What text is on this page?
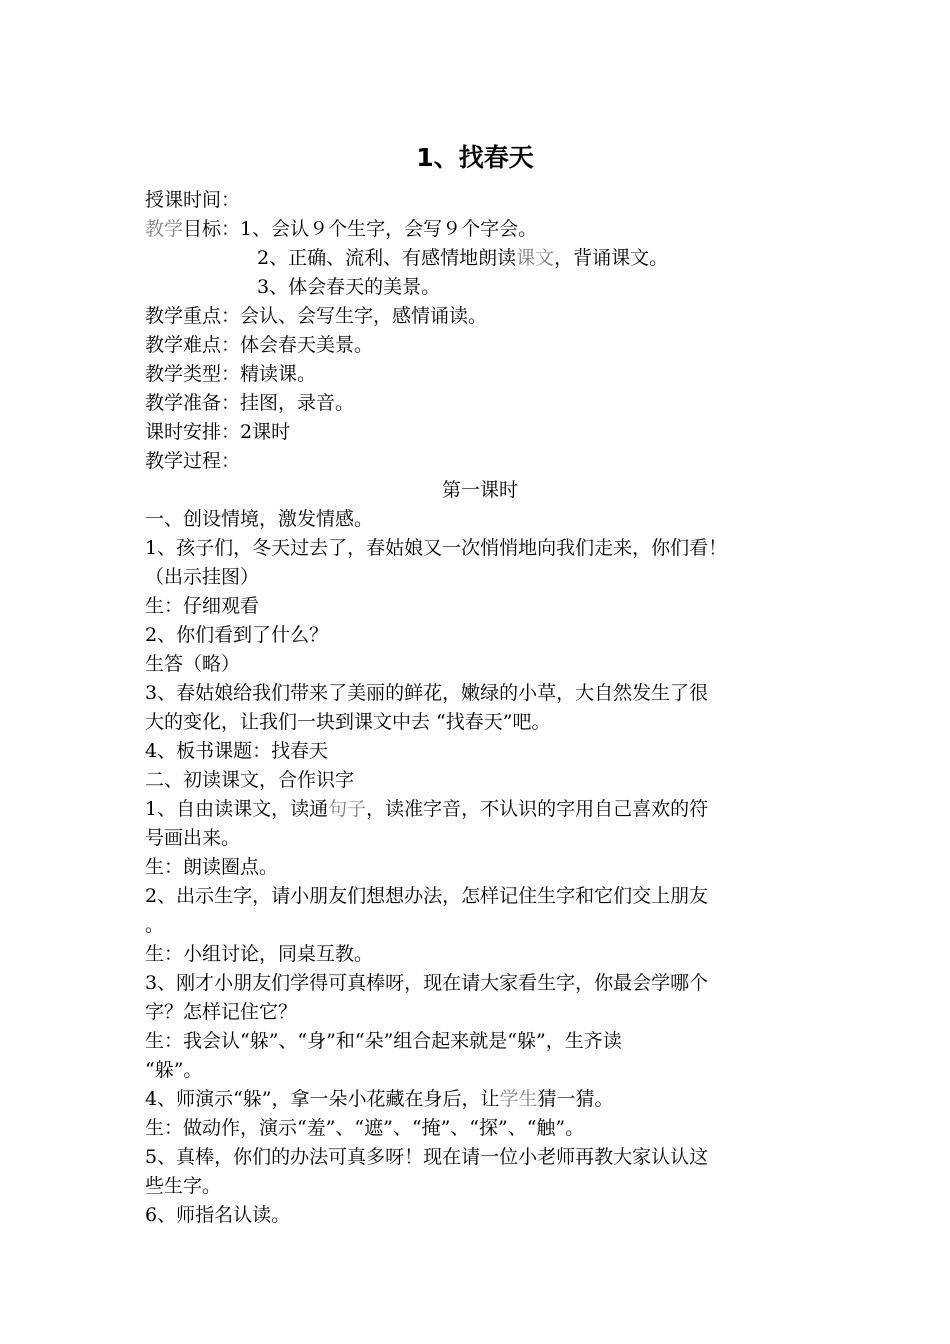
1、找春天
授课时间：
教学目标：1、会认９个生字，会写９个字会。
2、正确、流利、有感情地朗读课文，背诵课文。
3、体会春天的美景。
教学重点：会认、会写生字，感情诵读。
教学难点：体会春天美景。
教学类型：精读课。
教学准备：挂图，录音。
课时安排：2课时
教学过程：
第一课时
一、创设情境，激发情感。
1、孩子们，冬天过去了，春姑娘又一次悄悄地向我们走来，你们看！
（出示挂图）
生：仔细观看
2、你们看到了什么？
生答（略）
3、春姑娘给我们带来了美丽的鲜花，嫩绿的小草，大自然发生了很
大的变化，让我们一块到课文中去 “找春天”吧。
4、板书课题：找春天
二、初读课文，合作识字
1、自由读课文，读通句子，读准字音，不认识的字用自己喜欢的符
号画出来。
生：朗读圈点。
2、出示生字，请小朋友们想想办法，怎样记住生字和它们交上朋友
。
生：小组讨论，同桌互教。
3、刚才小朋友们学得可真棒呀，现在请大家看生字，你最会学哪个
字？怎样记住它？
生：我会认“躲”、“身”和“朵”组合起来就是“躲”，生齐读
“躲”。
4、师演示“躲”，拿一朵小花藏在身后，让学生猜一猜。
生：做动作，演示“羞”、“遮”、“掩”、“探”、“触”。
5、真棒，你们的办法可真多呀！现在请一位小老师再教大家认认这
些生字。
6、师指名认读。
